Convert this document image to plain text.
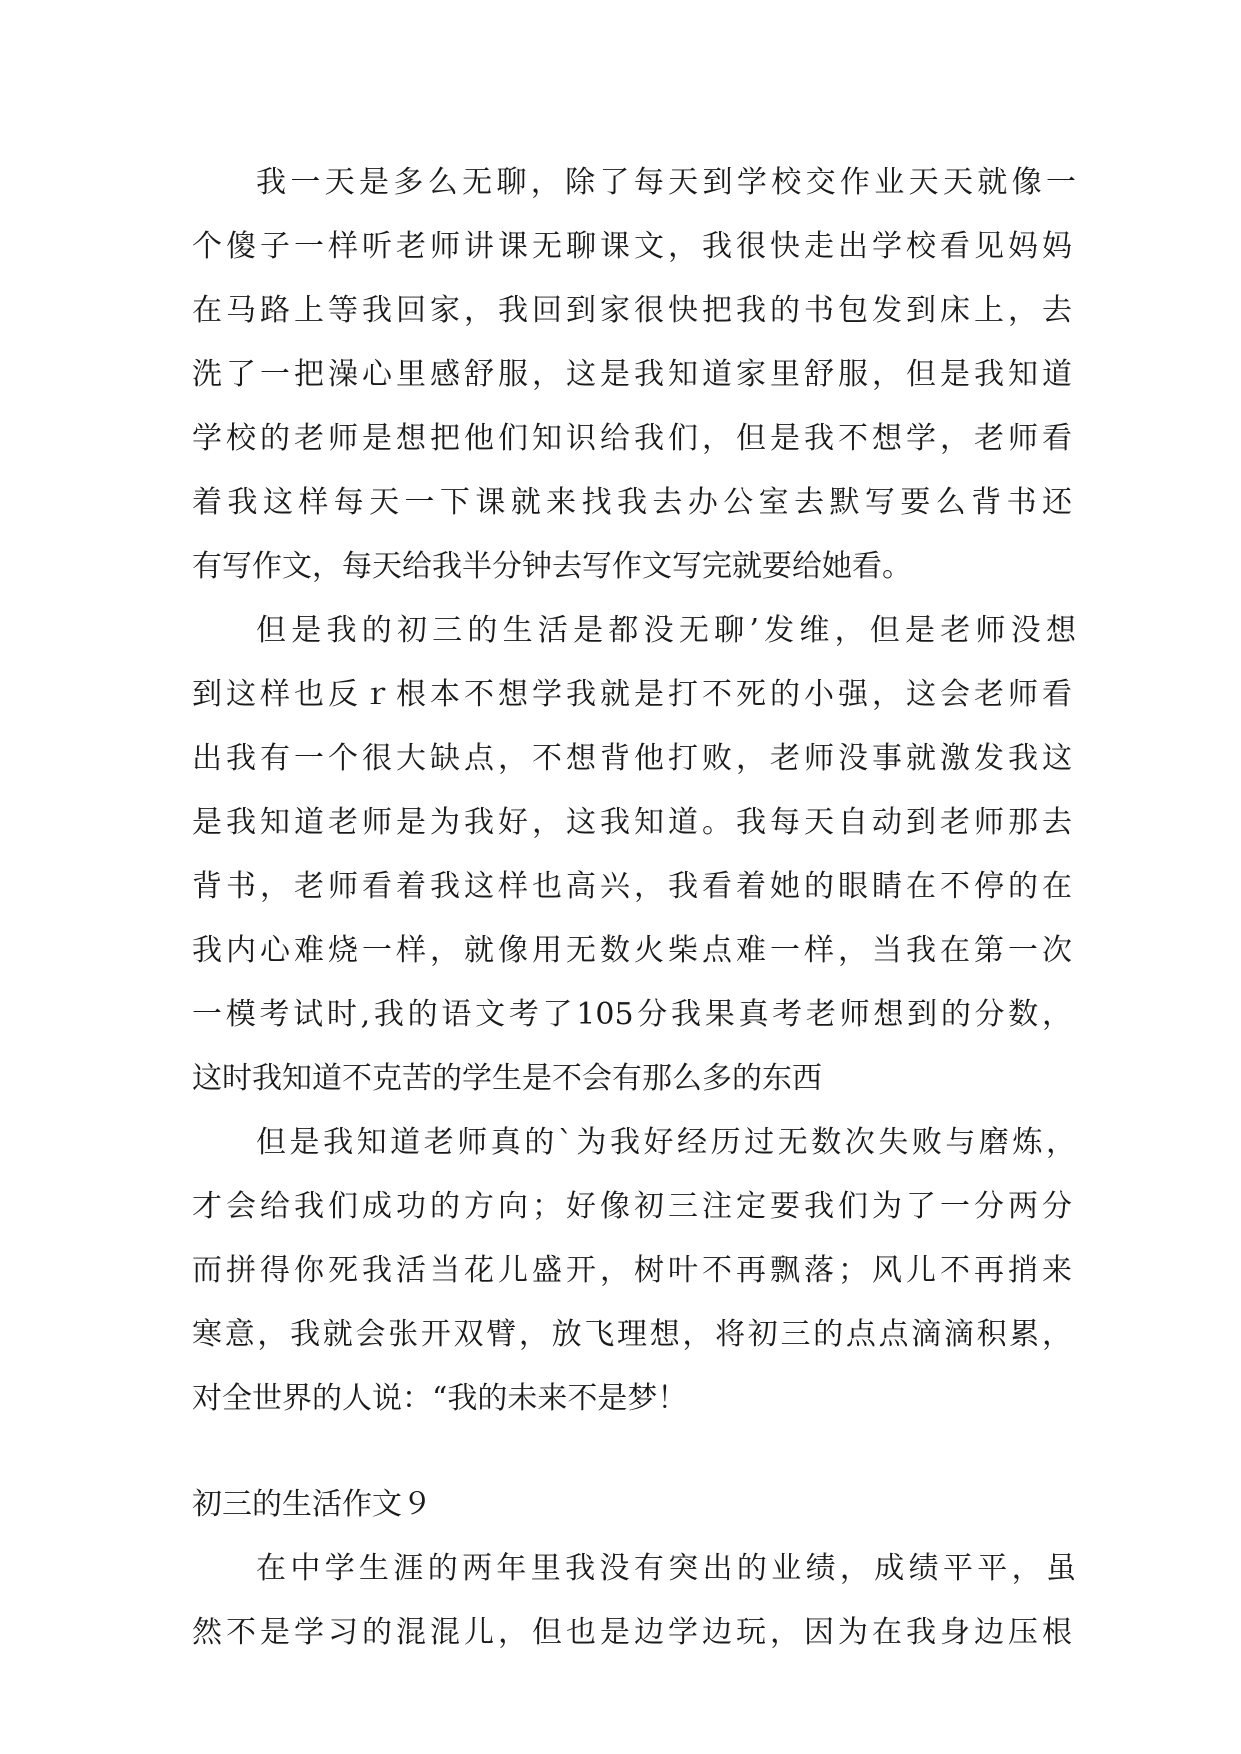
我一天是多么无聊，除了每天到学校交作业天天就像一
个傻子一样听老师讲课无聊课文，我很快走出学校看见妈妈
在马路上等我回家，我回到家很快把我的书包发到床上，去
洗了一把澡心里感舒服，这是我知道家里舒服，但是我知道
学校的老师是想把他们知识给我们，但是我不想学，老师看
着我这样每天一下课就来找我去办公室去默写要么背书还
有写作文，每天给我半分钟去写作文写完就要给她看。
但是我的初三的生活是都没无聊’发维，但是老师没想
到这样也反ｒ根本不想学我就是打不死的小强，这会老师看
出我有一个很大缺点，不想背他打败，老师没事就激发我这
是我知道老师是为我好，这我知道。我每天自动到老师那去
背书，老师看着我这样也高兴，我看着她的眼睛在不停的在
我内心难烧一样，就像用无数火柴点难一样，当我在第一次
一模考试时,我的语文考了105分我果真考老师想到的分数，
这时我知道不克苦的学生是不会有那么多的东西
但是我知道老师真的`为我好经历过无数次失败与磨炼，
才会给我们成功的方向；好像初三注定要我们为了一分两分
而拼得你死我活当花儿盛开，树叶不再飘落；风儿不再捎来
寒意，我就会张开双臂，放飞理想，将初三的点点滴滴积累，
对全世界的人说：“我的未来不是梦！
初三的生活作文９
在中学生涯的两年里我没有突出的业绩，成绩平平，虽
然不是学习的混混儿，但也是边学边玩，因为在我身边压根
